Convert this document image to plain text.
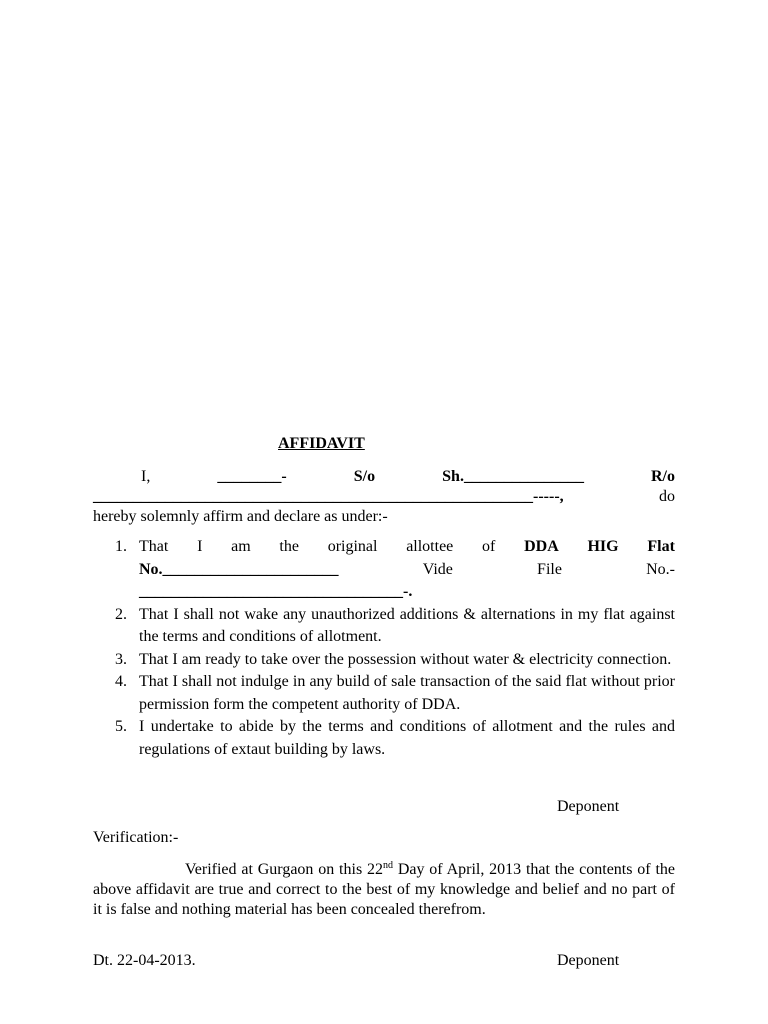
AFFIDAVIT
I,	________-	S/o	Sh._______________	R/o
_______________________________________________________-----,	do
hereby solemnly affirm and declare as under:-
1. That I am the original allottee of DDA HIG Flat
No.______________________	Vide	File	No.-
_________________________________-.
2. That I shall not wake any unauthorized additions & alternations in my flat against the terms and conditions of allotment.
3. That I am ready to take over the possession without water & electricity connection.
4. That I shall not indulge in any build of sale transaction of the said flat without prior permission form the competent authority of DDA.
5. I undertake to abide by the terms and conditions of allotment and the rules and regulations of extaut building by laws.
Deponent
Verification:-

Verified at Gurgaon on this 22nd Day of April, 2013 that the contents of the above affidavit are true and correct to the best of my knowledge and belief and no part of it is false and nothing material has been concealed therefrom.

Dt. 22-04-2013.	Deponent
